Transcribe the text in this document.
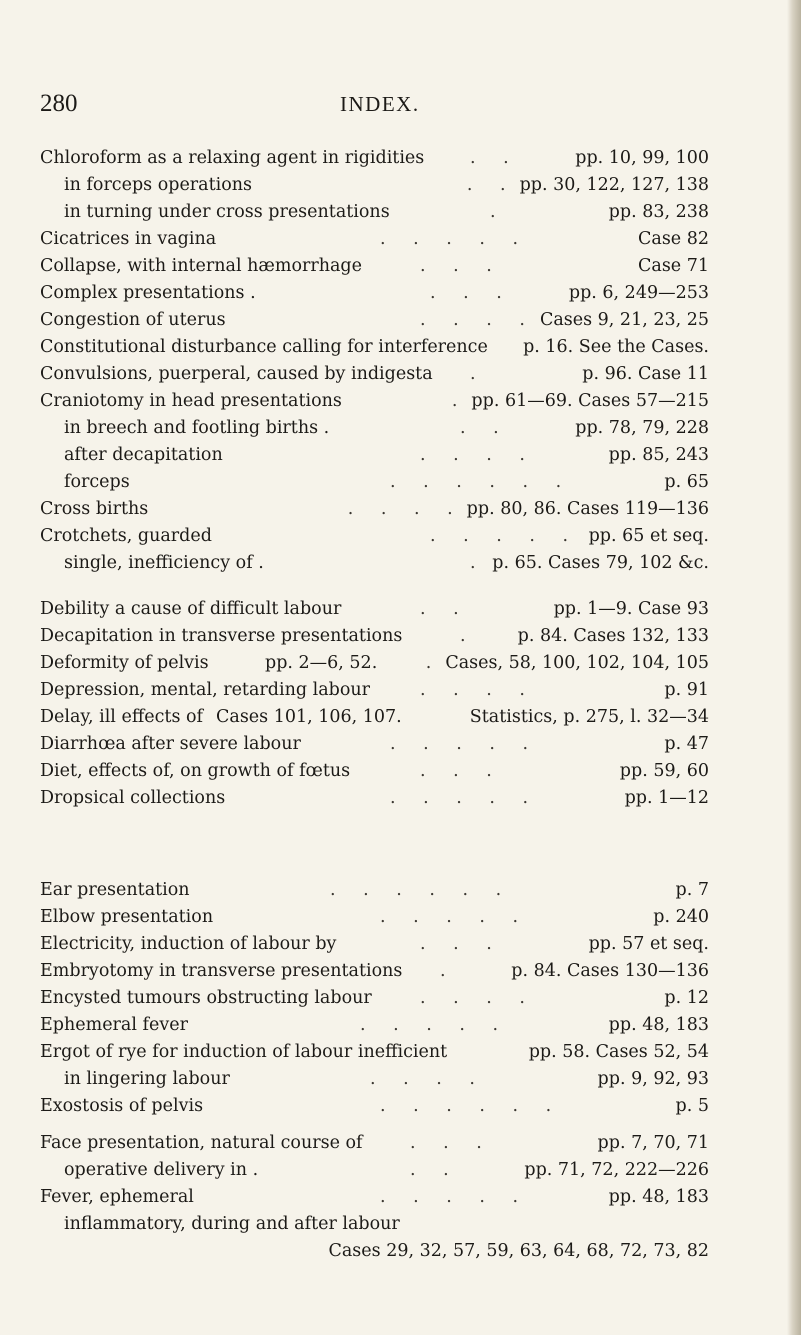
280	INDEX.
Chloroform as a relaxing agent in rigidities	. .	pp. 10, 99, 100
in forceps operations	. . pp. 30, 122, 127, 138
in turning under cross presentations	.	pp. 83, 238
Cicatrices in vagina	. . . . .	Case 82
Collapse, with internal hæmorrhage	. . .	Case 71
Complex presentations .	. . .	pp. 6, 249—253
Congestion of uterus	. . . . Cases 9, 21, 23, 25
Constitutional disturbance calling for interference p. 16. See the Cases.
Convulsions, puerperal, caused by indigesta .	p. 96. Case 11
Craniotomy in head presentations	. pp. 61—69. Cases 57—215
in breech and footling births .	. .	pp. 78, 79, 228
after decapitation	. . . .	pp. 85, 243
forceps	. . . . . .	p. 65
Cross births	. . . . pp. 80, 86. Cases 119—136
Crotchets, guarded	. . . . . pp. 65 et seq.
single, inefficiency of .	. p. 65. Cases 79, 102 &c.
Debility a cause of difficult labour	. .	pp. 1—9. Case 93
Decapitation in transverse presentations	.	p. 84. Cases 132, 133
Deformity of pelvis	pp. 2—6, 52.	. Cases, 58, 100, 102, 104, 105
Depression, mental, retarding labour	. . . .	p. 91
Delay, ill effects of Cases 101, 106, 107.	Statistics, p. 275, l. 32—34
Diarrhœa after severe labour	. . . . .	p. 47
Diet, effects of, on growth of fœtus	. . .	pp. 59, 60
Dropsical collections	. . . . .	pp. 1—12
Ear presentation	. . . . . .	p. 7
Elbow presentation	. . . . .	p. 240
Electricity, induction of labour by	. . .	pp. 57 et seq.
Embryotomy in transverse presentations .	p. 84. Cases 130—136
Encysted tumours obstructing labour	. . . .	p. 12
Ephemeral fever	. . . . .	pp. 48, 183
Ergot of rye for induction of labour inefficient	pp. 58. Cases 52, 54
in lingering labour	. . . .	pp. 9, 92, 93
Exostosis of pelvis	. . . . . .	p. 5
Face presentation, natural course of	. . .	pp. 7, 70, 71
operative delivery in .	. .	pp. 71, 72, 222—226
Fever, ephemeral	. . . . .	pp. 48, 183
inflammatory, during and after labour
Cases 29, 32, 57, 59, 63, 64, 68, 72, 73, 82
